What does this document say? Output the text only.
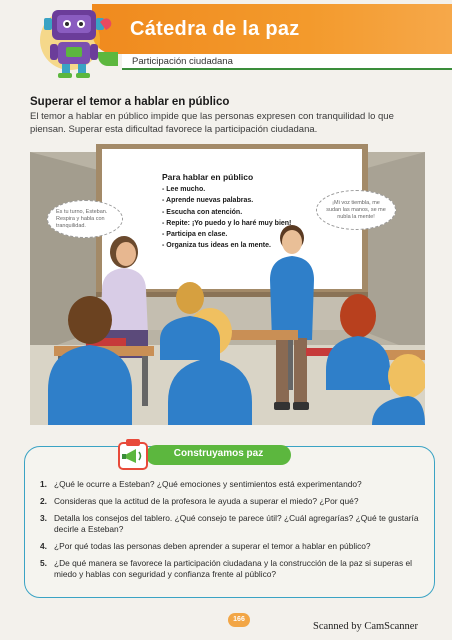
Cátedra de la paz
Participación ciudadana
Superar el temor a hablar en público
El temor a hablar en público impide que las personas expresen con tranquilidad lo que piensan. Superar esta dificultad favorece la participación ciudadana.
Para hablar en público
- Lee mucho.
- Aprende nuevas palabras.
- Escucha con atención.
- Repite: ¡Yo puedo y lo haré muy bien!
- Participa en clase.
- Organiza tus ideas en la mente.
Es tu turno, Esteban. Respira y habla con tranquilidad.
¡Mi voz tiembla, me sudan las manos, se me nubla la mente!
Construyamos paz
1. ¿Qué le ocurre a Esteban? ¿Qué emociones y sentimientos está experimentando?
2. Consideras que la actitud de la profesora le ayuda a superar el miedo? ¿Por qué?
3. Detalla los consejos del tablero. ¿Qué consejo te parece útil? ¿Cuál agregarías? ¿Qué te gustaría decirle a Esteban?
4. ¿Por qué todas las personas deben aprender a superar el temor a hablar en público?
5. ¿De qué manera se favorece la participación ciudadana y la construcción de la paz si superas el miedo y hablas con seguridad y confianza frente al público?
166
Scanned by CamScanner
